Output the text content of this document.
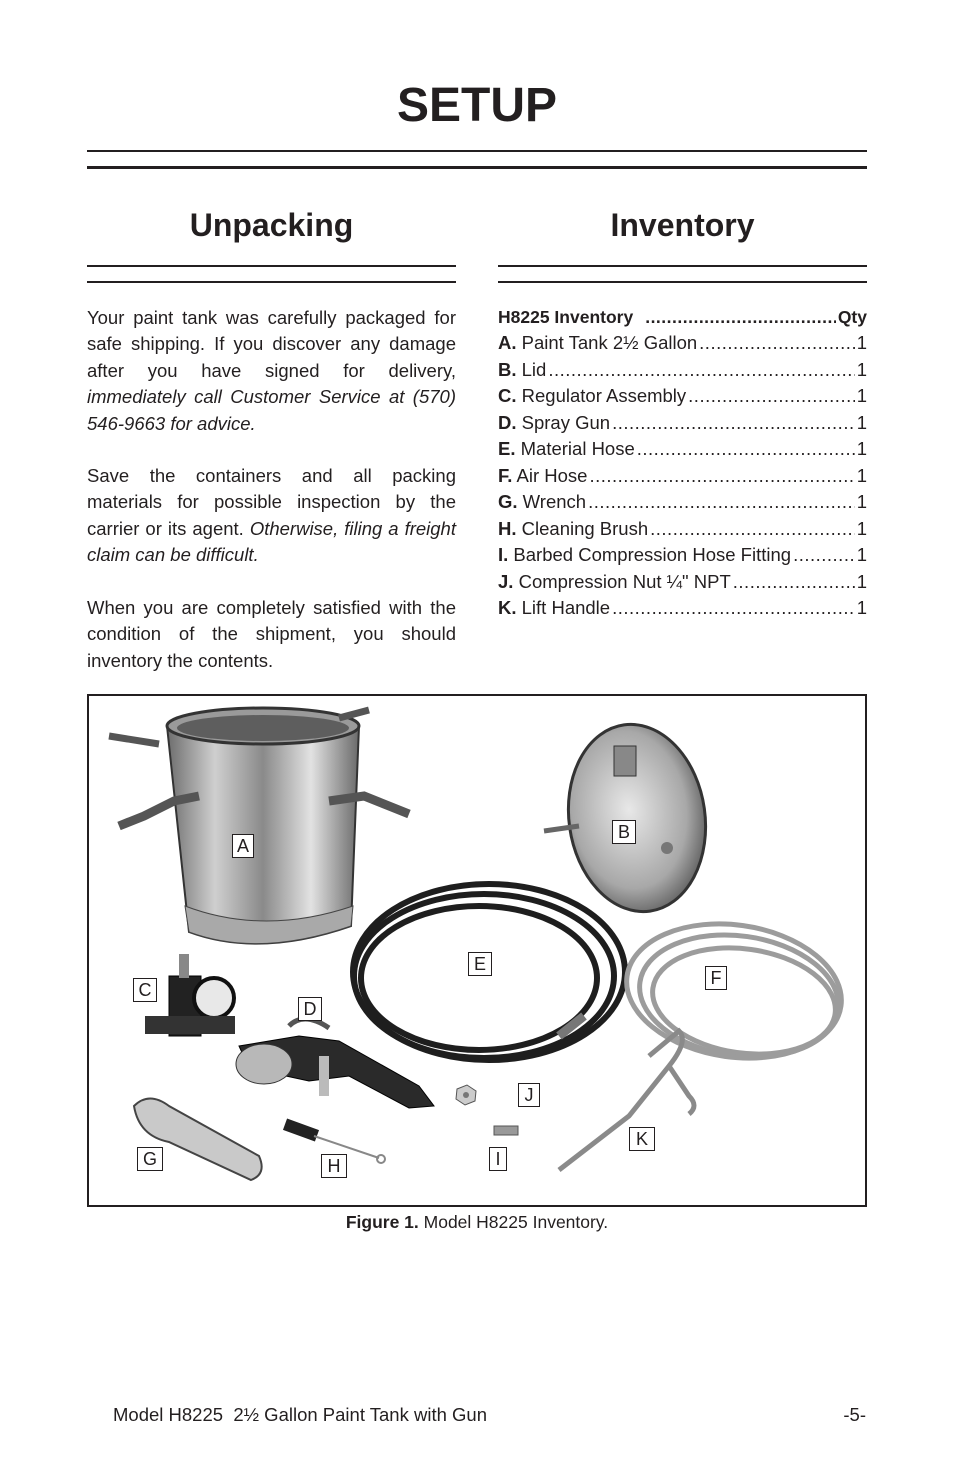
SETUP
Unpacking
Your paint tank was carefully packaged for safe shipping. If you discover any damage after you have signed for delivery, immediately call Customer Service at (570) 546-9663 for advice.
Save the containers and all packing materials for possible inspection by the carrier or its agent. Otherwise, filing a freight claim can be difficult.
When you are completely satisfied with the condition of the shipment, you should inventory the contents.
Inventory
H8225 Inventory .....	Qty
A. Paint Tank 2½ Gallon .....	1
B. Lid .....	1
C. Regulator Assembly .....	1
D. Spray Gun .....	1
E. Material Hose .....	1
F. Air Hose .....	1
G. Wrench .....	1
H. Cleaning Brush .....	1
I. Barbed Compression Hose Fitting .....	1
J. Compression Nut ¼" NPT .....	1
K. Lift Handle .....	1
A
B
C
D
E
F
G	H	I
J
K
Figure 1. Model H8225 Inventory.
Model H8225  2½ Gallon Paint Tank with Gun	-5-
